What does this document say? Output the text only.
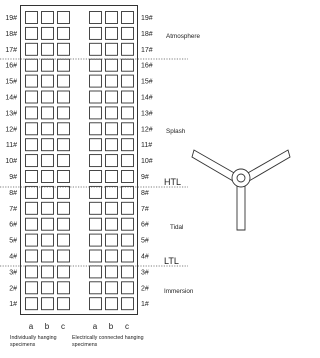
19#	19#
18#	18#
17#	17#
16#	16#
15#	15#
14#	14#
13#	13#
12#	12#
11#	11#
10#	10#
9#	9#
8#	8#
7#	7#
6#	6#
5#	5#
4#	4#
3#	3#
2#	2#
1#	1#
a	a
b	b
c	c
Individually hanging
specimens
Electrically connected hanging
specimens
Atmosphere
Splash
HTL
Tidal
LTL
Immersion
